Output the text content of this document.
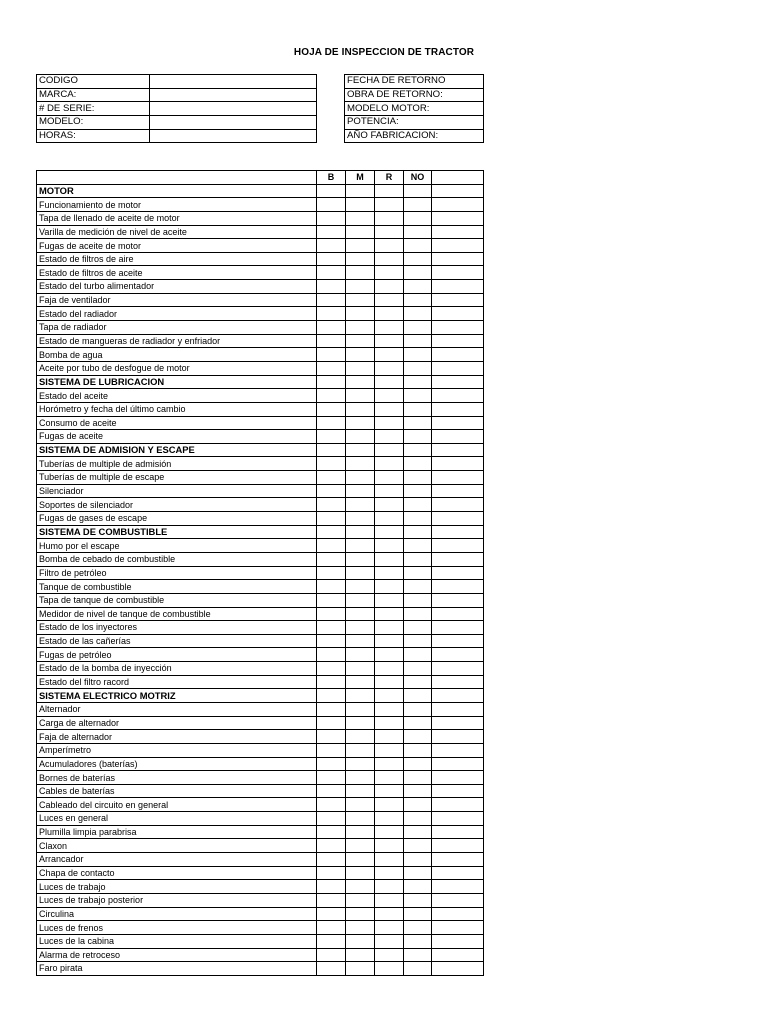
HOJA DE INSPECCION DE TRACTOR
CODIGO	
MARCA:	
# DE SERIE:	
MODELO:	
HORAS:	
FECHA DE RETORNO
OBRA DE RETORNO:
MODELO MOTOR:
POTENCIA:
AÑO FABRICACION:
	B	M	R	NO	
MOTOR					
Funcionamiento de motor					
Tapa de llenado de aceite de motor					
Varilla de medición de nivel de aceite					
Fugas de aceite de motor					
Estado de filtros de aire					
Estado de filtros de aceite					
Estado del turbo alimentador					
Faja de ventilador					
Estado del radiador					
Tapa de radiador					
Estado de mangueras de radiador y enfriador					
Bomba de agua					
Aceite por tubo de desfogue de motor					
SISTEMA DE LUBRICACION					
Estado del aceite					
Horómetro y fecha del último cambio					
Consumo de aceite					
Fugas de aceite					
SISTEMA DE ADMISION Y ESCAPE					
Tuberías de multiple de admisión					
Tuberías de multiple de escape					
Silenciador					
Soportes de silenciador					
Fugas de gases de escape					
SISTEMA DE COMBUSTIBLE					
Humo por el escape					
Bomba de cebado de combustible					
Filtro de petróleo					
Tanque de combustible					
Tapa de tanque de combustible					
Medidor de nivel de tanque de combustible					
Estado de los inyectores					
Estado de las cañerías					
Fugas de petróleo					
Estado de la bomba de inyección					
Estado del filtro racord					
SISTEMA ELECTRICO MOTRIZ					
Alternador					
Carga de alternador					
Faja de alternador					
Amperímetro					
Acumuladores (baterías)					
Bornes de baterías					
Cables de baterías					
Cableado del circuito en general					
Luces en general					
Plumilla limpia parabrisa					
Claxon					
Arrancador					
Chapa de contacto					
Luces de trabajo					
Luces de trabajo posterior					
Circulina					
Luces de frenos					
Luces de la cabina					
Alarma de retroceso					
Faro pirata					
